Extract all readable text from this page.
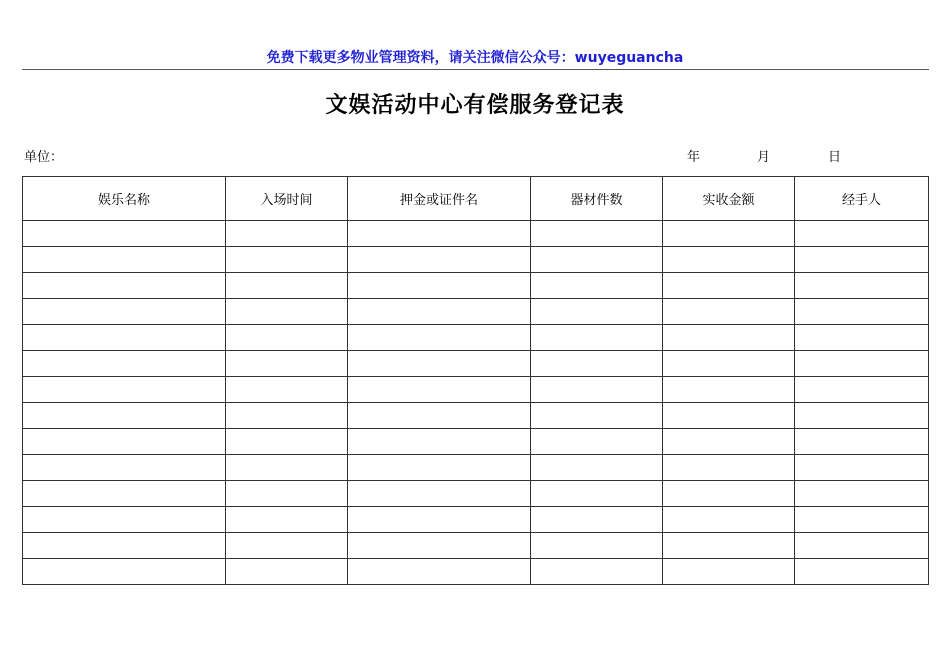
免费下载更多物业管理资料，请关注微信公众号：wuyeguancha
文娱活动中心有偿服务登记表
单位：	年	月	日
娱乐名称	入场时间	押金或证件名	器材件数	实收金额	经手人
